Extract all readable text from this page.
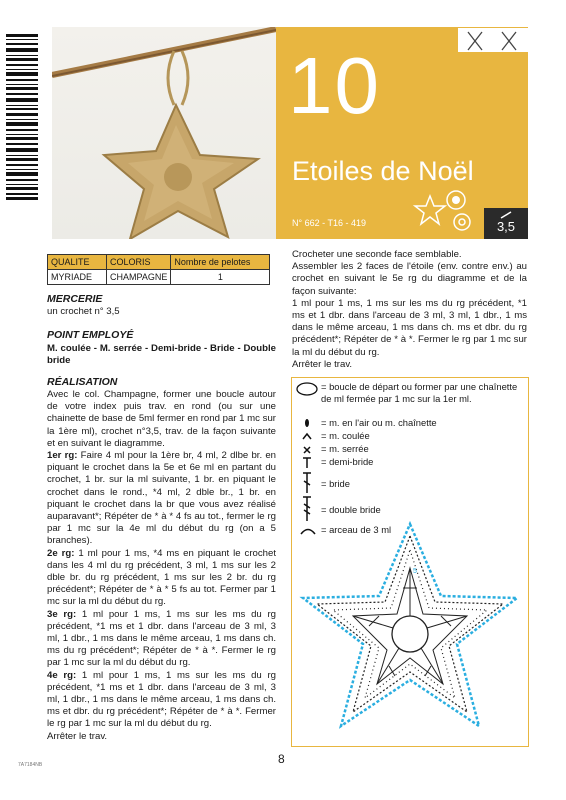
10
Etoiles de Noël
N° 662 - T16 - 419	3,5
QUALITE	COLORIS	Nombre de pelotes
MYRIADE	CHAMPAGNE	1
MERCERIE
un crochet n° 3,5
POINT EMPLOYÉ
M. coulée - M. serrée - Demi-bride - Bride - Double bride
RÉALISATION
Avec le col. Champagne, former une boucle autour de votre index puis trav. en rond (ou sur une chainette de base de 5ml fermer en rond par 1 mc sur la 1ère ml), crochet n°3,5, trav. de la façon suivante et en suivant le diagramme.
1er rg: Faire 4 ml pour la 1ère br, 4 ml, 2 dlbe br. en piquant le crochet dans la 5e et 6e ml en partant du crochet, 1 br. sur la ml suivante, 1 br. en piquant le crochet dans le rond., *4 ml, 2 dble br., 1 br. en piquant le crochet dans la br que vous avez réalisé auparavant*; Répéter de * à * 4 fs au tot., fermer le rg par 1 mc sur la 4e ml du début du rg (on a 5 branches).
2e rg: 1 ml pour 1 ms, *4 ms en piquant le crochet dans les 4 ml du rg précédent, 3 ml, 1 ms sur les 2 dble br. du rg précédent, 1 ms sur les 2 br. du rg précédent*; Répéter de * à * 5 fs au tot. Fermer par 1 mc sur la ml du début du rg.
3e rg: 1 ml pour 1 ms, 1 ms sur les ms du rg précédent, *1 ms et 1 dbr. dans l'arceau de 3 ml, 3 ml, 1 dbr., 1 ms dans le même arceau, 1 ms dans ch. ms du rg précédent*; Répéter de * à *. Fermer le rg par 1 mc sur la ml du début du rg.
4e rg: 1 ml pour 1 ms, 1 ms sur les ms du rg précédent, *1 ms et 1 dbr. dans l'arceau de 3 ml, 3 ml, 1 dbr., 1 ms dans le même arceau, 1 ms dans ch. ms et dbr. du rg précédent*; Répéter de * à *. Fermer le rg par 1 mc sur la ml du début du rg.
Arrêter le trav.
Crocheter une seconde face semblable.
Assembler les 2 faces de l'étoile (env. contre env.) au crochet en suivant le 5e rg du diagramme et de la façon suivante:
1 ml pour 1 ms, 1 ms sur les ms du rg précédent, *1 ms et 1 dbr. dans l'arceau de 3 ml, 3 ml, 1 dbr., 1 ms dans le même arceau, 1 ms dans ch. ms et dbr. du rg précédent*; Répéter de * à *. Fermer le rg par 1 mc sur la ml du début du rg.
Arrêter le trav.
= boucle de départ ou former par une chaînette de ml fermée par 1 mc sur la 1er ml.
= m. en l'air ou m. chaînette
= m. coulée
= m. serrée
= demi-bride
= bride
= double bride
= arceau de 3 ml
5
8
7A7184NB
PassionForum.ru
